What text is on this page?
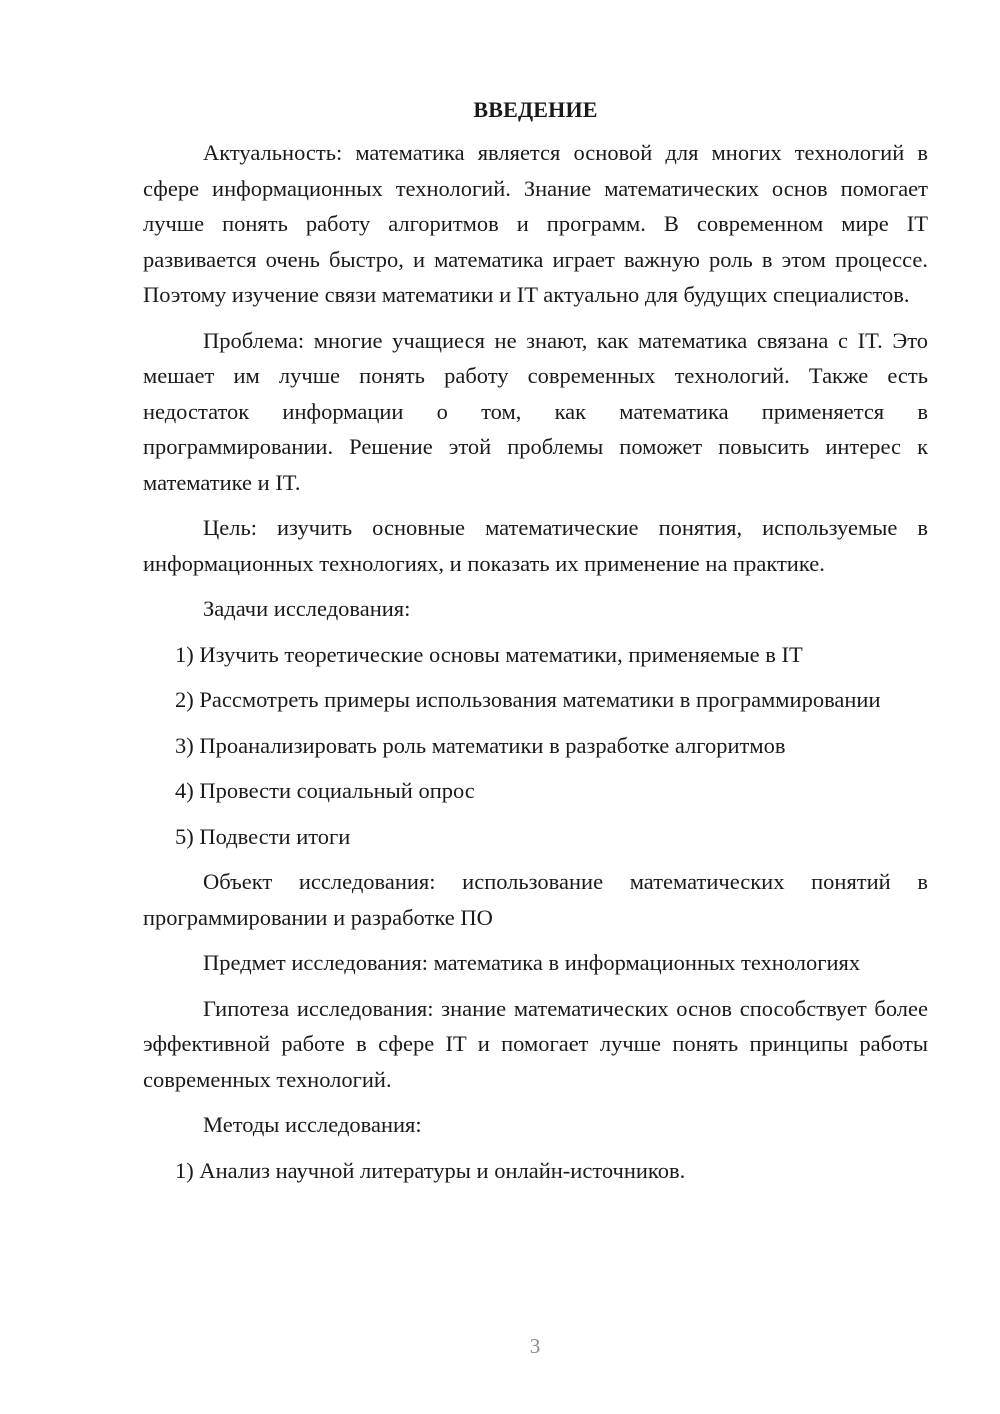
ВВЕДЕНИЕ
Актуальность: математика является основой для многих технологий в сфере информационных технологий. Знание математических основ помогает лучше понять работу алгоритмов и программ. В современном мире IT развивается очень быстро, и математика играет важную роль в этом процессе. Поэтому изучение связи математики и IT актуально для будущих специалистов.
Проблема: многие учащиеся не знают, как математика связана с IT. Это мешает им лучше понять работу современных технологий. Также есть недостаток информации о том, как математика применяется в программировании. Решение этой проблемы поможет повысить интерес к математике и IT.
Цель: изучить основные математические понятия, используемые в информационных технологиях, и показать их применение на практике.
Задачи исследования:
1) Изучить теоретические основы математики, применяемые в IT
2) Рассмотреть примеры использования математики в программировании
3) Проанализировать роль математики в разработке алгоритмов
4) Провести социальный опрос
5) Подвести итоги
Объект исследования: использование математических понятий в программировании и разработке ПО
Предмет исследования: математика в информационных технологиях
Гипотеза исследования: знание математических основ способствует более эффективной работе в сфере IT и помогает лучше понять принципы работы современных технологий.
Методы исследования:
1) Анализ научной литературы и онлайн-источников.
3
